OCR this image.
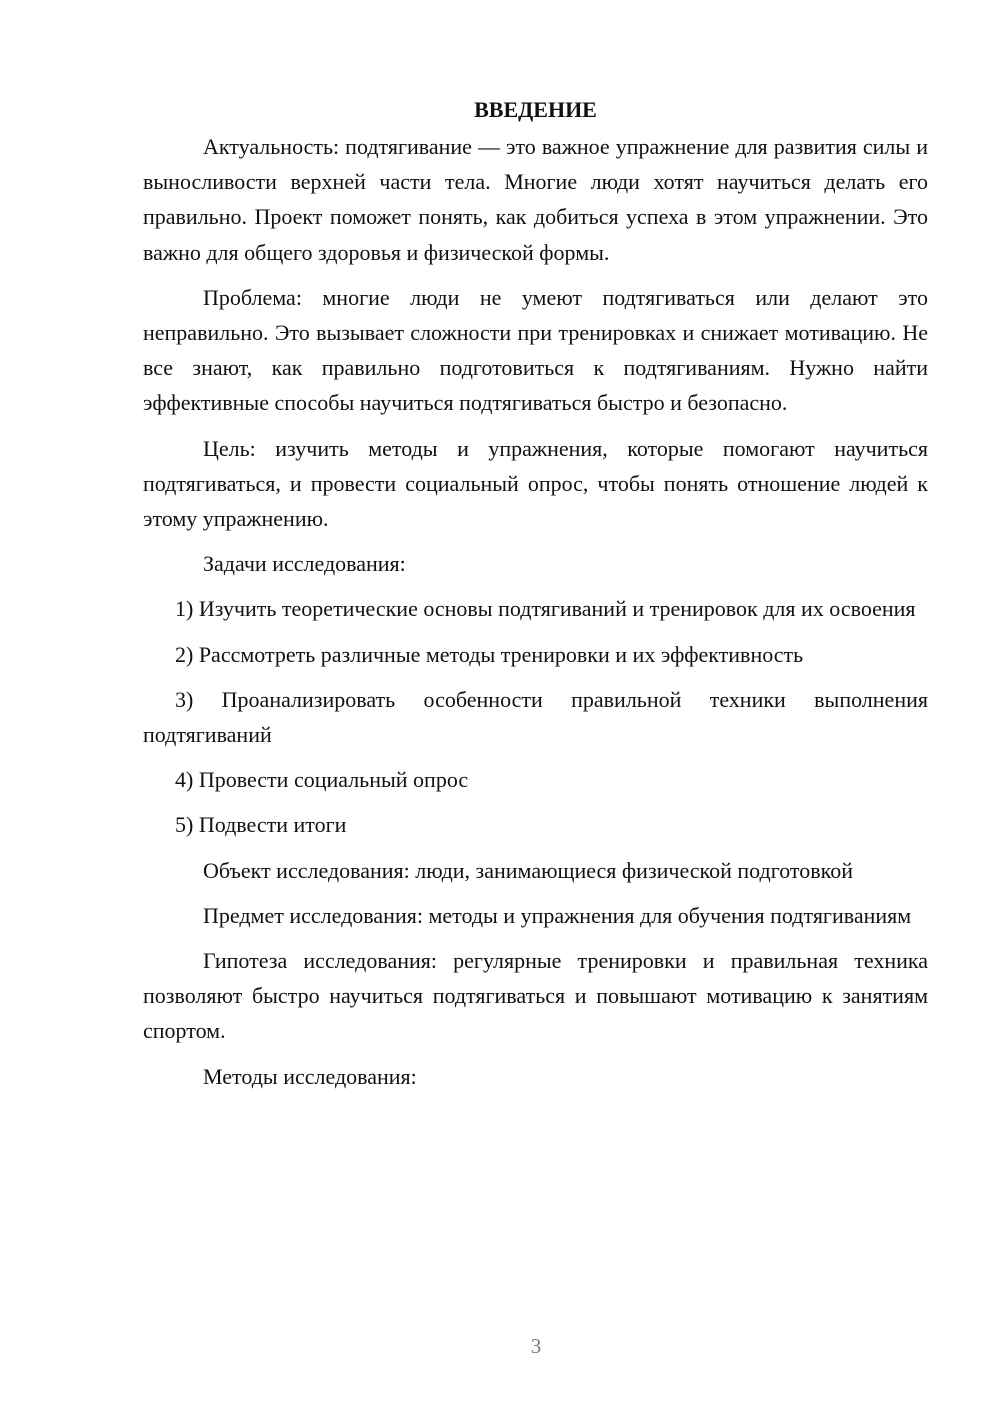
ВВЕДЕНИЕ

Актуальность: подтягивание — это важное упражнение для развития силы и выносливости верхней части тела. Многие люди хотят научиться делать его правильно. Проект поможет понять, как добиться успеха в этом упражнении. Это важно для общего здоровья и физической формы.

Проблема: многие люди не умеют подтягиваться или делают это неправильно. Это вызывает сложности при тренировках и снижает мотивацию. Не все знают, как правильно подготовиться к подтягиваниям. Нужно найти эффективные способы научиться подтягиваться быстро и безопасно.

Цель: изучить методы и упражнения, которые помогают научиться подтягиваться, и провести социальный опрос, чтобы понять отношение людей к этому упражнению.

Задачи исследования:

1) Изучить теоретические основы подтягиваний и тренировок для их освоения

2) Рассмотреть различные методы тренировки и их эффективность

3) Проанализировать особенности правильной техники выполнения подтягиваний

4) Провести социальный опрос

5) Подвести итоги

Объект исследования: люди, занимающиеся физической подготовкой

Предмет исследования: методы и упражнения для обучения подтягиваниям

Гипотеза исследования: регулярные тренировки и правильная техника позволяют быстро научиться подтягиваться и повышают мотивацию к занятиям спортом.

Методы исследования:

3
